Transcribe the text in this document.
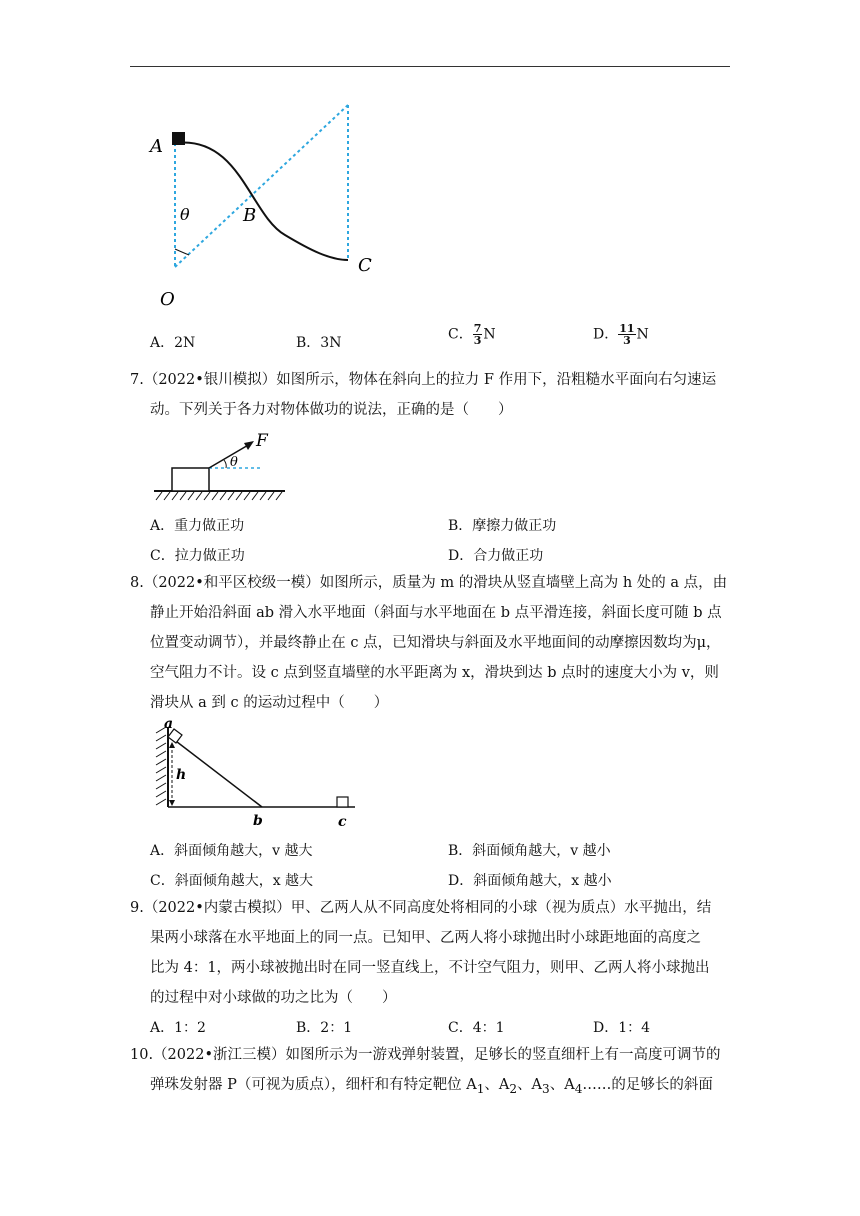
A
B
C
O
θ
A．2N	B．3N
C． $\frac{7}{3}$ N	D． $\frac{11}{3}$ N
7.（2022•银川模拟）如图所示，物体在斜向上的拉力 F 作用下，沿粗糙水平面向右匀速运
动。下列关于各力对物体做功的说法，正确的是（　　）
F
θ
A．重力做正功	B．摩擦力做正功
C．拉力做正功	D．合力做正功
8.（2022•和平区校级一模）如图所示，质量为 m 的滑块从竖直墙壁上高为 h 处的 a 点，由
静止开始沿斜面 ab 滑入水平地面（斜面与水平地面在 b 点平滑连接，斜面长度可随 b 点
位置变动调节），并最终静止在 c 点，已知滑块与斜面及水平地面间的动摩擦因数均为μ，
空气阻力不计。设 c 点到竖直墙壁的水平距离为 x，滑块到达 b 点时的速度大小为 v，则
滑块从 a 到 c 的运动过程中（　　）
a
h
b	c
A．斜面倾角越大，v 越大	B．斜面倾角越大，v 越小
C．斜面倾角越大，x 越大	D．斜面倾角越大，x 越小
9.（2022•内蒙古模拟）甲、乙两人从不同高度处将相同的小球（视为质点）水平抛出，结
果两小球落在水平地面上的同一点。已知甲、乙两人将小球抛出时小球距地面的高度之
比为 4：1，两小球被抛出时在同一竖直线上，不计空气阻力，则甲、乙两人将小球抛出
的过程中对小球做的功之比为（　　）
A．1：2	B．2：1	C．4：1	D．1：4
10.（2022•浙江三模）如图所示为一游戏弹射装置，足够长的竖直细杆上有一高度可调节的
弹珠发射器 P（可视为质点），细杆和有特定靶位 $A_1$、$A_2$、$A_3$、$A_4\dots\dots$的足够长的斜面
